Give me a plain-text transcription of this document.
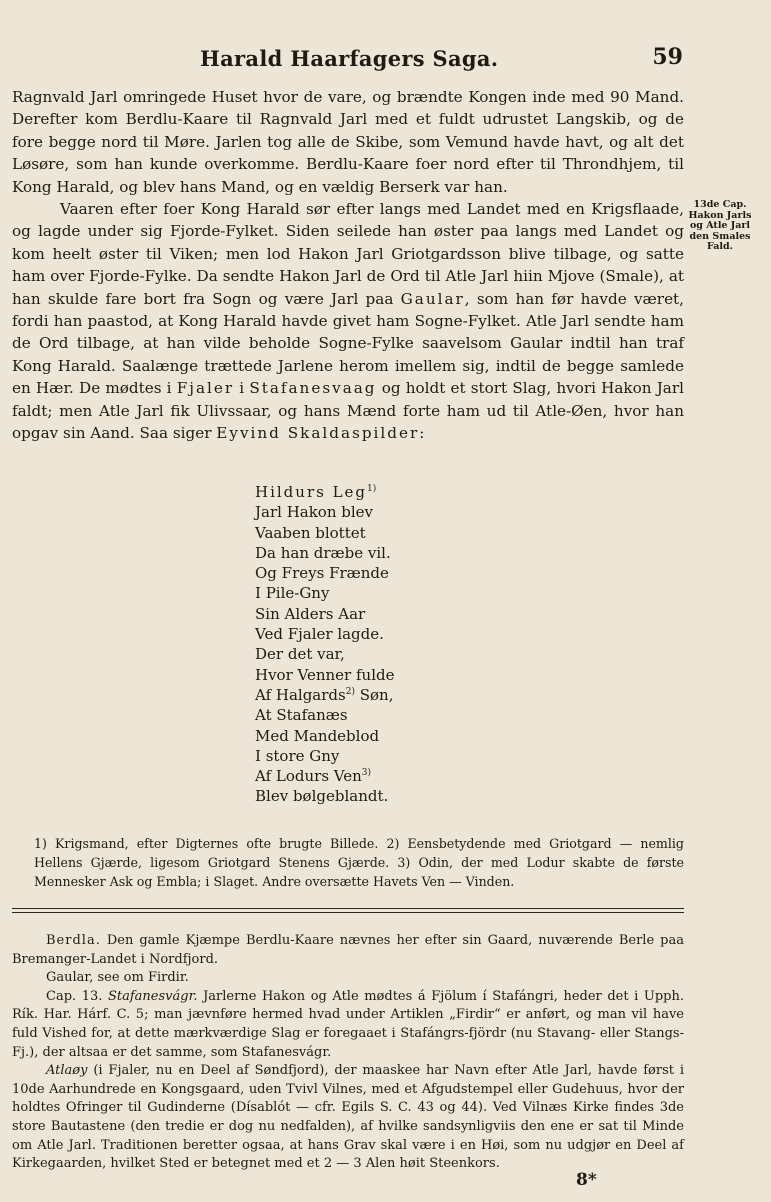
Harald Haarfagers Saga.	59
13de Cap.
Hakon Jarls
og Atle Jarl
den Smales
Fald.

Ragnvald Jarl omringede Huset hvor de vare, og brændte Kongen inde med 90 Mand. Derefter kom Berdlu-Kaare til Ragnvald Jarl med et fuldt udrustet Langskib, og de fore begge nord til Møre. Jarlen tog alle de Skibe, som Vemund havde havt, og alt det Løsøre, som han kunde overkomme. Berdlu-Kaare foer nord efter til Throndhjem, til Kong Harald, og blev hans Mand, og en vældig Berserk var han.

Vaaren efter foer Kong Harald sør efter langs med Landet med en Krigsflaade, og lagde under sig Fjorde-Fylket. Siden seilede han øster paa langs med Landet og kom heelt øster til Viken; men lod Hakon Jarl Griotgardsson blive tilbage, og satte ham over Fjorde-Fylke. Da sendte Hakon Jarl de Ord til Atle Jarl hiin Mjove (Smale), at han skulde fare bort fra Sogn og være Jarl paa Gaular, som han før havde været, fordi han paastod, at Kong Harald havde givet ham Sogne-Fylket. Atle Jarl sendte ham de Ord tilbage, at han vilde beholde Sogne-Fylke saavelsom Gaular indtil han traf Kong Harald. Saalænge trættede Jarlene herom imellem sig, indtil de begge samlede en Hær. De mødtes i Fjaler i Stafanesvaag og holdt et stort Slag, hvori Hakon Jarl faldt; men Atle Jarl fik Ulivssaar, og hans Mænd forte ham ud til Atle-Øen, hvor han opgav sin Aand. Saa siger Eyvind Skaldaspilder:

Hildurs Leg$^{1)}$
Jarl Hakon blev
Vaaben blottet
Da han dræbe vil.
Og Freys Frænde
I Pile-Gny
Sin Alders Aar
Ved Fjaler lagde.
Der det var,
Hvor Venner fulde
Af Halgards$^{2)}$ Søn,
At Stafanæs
Med Mandeblod
I store Gny
Af Lodurs Ven$^{3)}$
Blev bølgeblandt.
1) Krigsmand, efter Digternes ofte brugte Billede. 2) Eensbetydende med Griotgard — nemlig Hellens Gjærde, ligesom Griotgard Stenens Gjærde. 3) Odin, der med Lodur skabte de første Mennesker Ask og Embla; i Slaget. Andre oversætte Havets Ven — Vinden.

Berdla. Den gamle Kjæmpe Berdlu-Kaare nævnes her efter sin Gaard, nuværende Berle paa Bremanger-Landet i Nordfjord.

Gaular, see om Firdir.

Cap. 13. Stafanesvágr. Jarlerne Hakon og Atle mødtes á Fjölum í Stafángri, heder det i Upph. Rík. Har. Hárf. C. 5; man jævnføre hermed hvad under Artiklen „Firdir“ er anført, og man vil have fuld Vished for, at dette mærkværdige Slag er foregaaet i Stafángrs-fjördr (nu Stavang- eller Stangs-Fj.), der altsaa er det samme, som Stafanesvágr.

Atlaøy (i Fjaler, nu en Deel af Søndfjord), der maaskee har Navn efter Atle Jarl, havde først i 10de Aarhundrede en Kongsgaard, uden Tvivl Vilnes, med et Afgudstempel eller Gudehuus, hvor der holdtes Ofringer til Gudinderne (Dísablót — cfr. Egils S. C. 43 og 44). Ved Vilnæs Kirke findes 3de store Bautastene (den tredie er dog nu nedfalden), af hvilke sandsynligviis den ene er sat til Minde om Atle Jarl. Traditionen beretter ogsaa, at hans Grav skal være i en Høi, som nu udgjør en Deel af Kirkegaarden, hvilket Sted er betegnet med et 2 — 3 Alen høit Steenkors.

8*
